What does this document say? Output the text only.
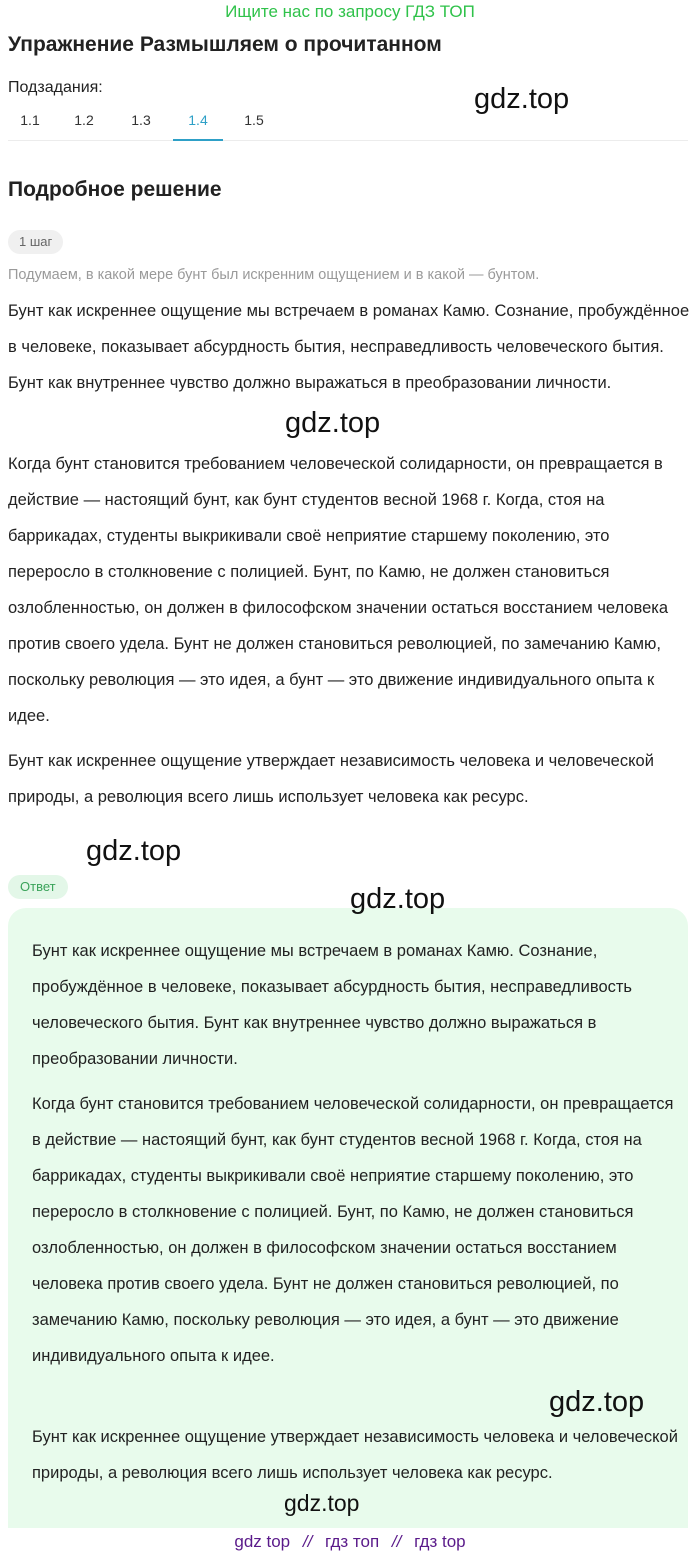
Ищите нас по запросу ГДЗ ТОП
Упражнение Размышляем о прочитанном
Подзадания:
1.1	1.2	1.3	1.4	1.5
gdz.top
Подробное решение
1 шаг

Подумаем, в какой мере бунт был искренним ощущением и в какой — бунтом.

Бунт как искреннее ощущение мы встречаем в романах Камю. Сознание, пробуждённое в человеке, показывает абсурдность бытия, несправедливость человеческого бытия. Бунт как внутреннее чувство должно выражаться в преобразовании личности.

gdz.top

Когда бунт становится требованием человеческой солидарности, он превращается в действие — настоящий бунт, как бунт студентов весной 1968 г. Когда, стоя на баррикадах, студенты выкрикивали своё неприятие старшему поколению, это переросло в столкновение с полицией. Бунт, по Камю, не должен становиться озлобленностью, он должен в философском значении остаться восстанием человека против своего удела. Бунт не должен становиться революцией, по замечанию Камю, поскольку революция — это идея, а бунт — это движение индивидуального опыта к идее.

Бунт как искреннее ощущение утверждает независимость человека и человеческой природы, а революция всего лишь использует человека как ресурс.

gdz.top
Ответ	gdz.top

Бунт как искреннее ощущение мы встречаем в романах Камю. Сознание, пробуждённое в человеке, показывает абсурдность бытия, несправедливость человеческого бытия. Бунт как внутреннее чувство должно выражаться в преобразовании личности.

Когда бунт становится требованием человеческой солидарности, он превращается в действие — настоящий бунт, как бунт студентов весной 1968 г. Когда, стоя на баррикадах, студенты выкрикивали своё неприятие старшему поколению, это переросло в столкновение с полицией. Бунт, по Камю, не должен становиться озлобленностью, он должен в философском значении остаться восстанием человека против своего удела. Бунт не должен становиться революцией, по замечанию Камю, поскольку революция — это идея, а бунт — это движение индивидуального опыта к идее.

gdz.top

Бунт как искреннее ощущение утверждает независимость человека и человеческой природы, а революция всего лишь использует человека как ресурс.

gdz.top
gdz top // гдз топ // гдз top
